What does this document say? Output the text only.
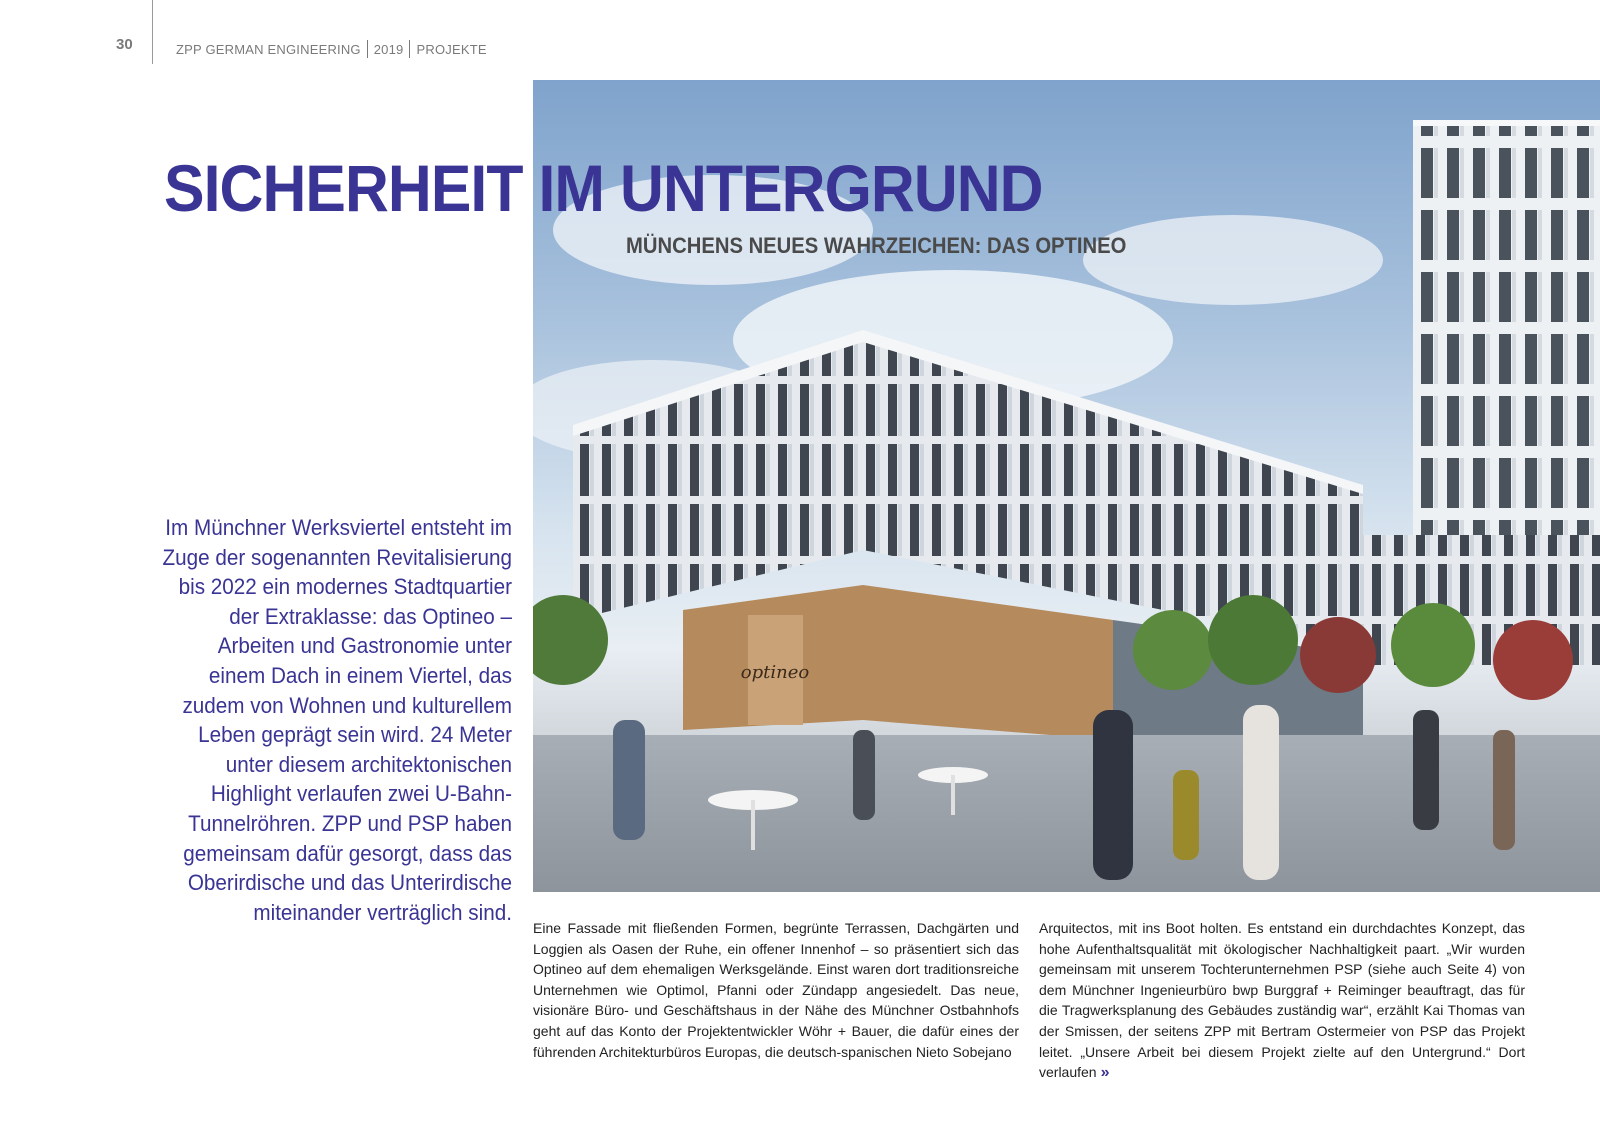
30	ZPP GERMAN ENGINEERING 2019 PROJEKTE
optineo
SICHERHEIT IM UNTERGRUND
MÜNCHENS NEUES WAHRZEICHEN: DAS OPTINEO
Im Münchner Werksviertel entsteht im Zuge der sogenannten Revitalisierung bis 2022 ein modernes Stadtquartier der Extraklasse: das Optineo – Arbeiten und Gastronomie unter einem Dach in einem Viertel, das zudem von Wohnen und kulturellem Leben geprägt sein wird. 24 Meter unter diesem architektonischen Highlight verlaufen zwei U-Bahn-Tunnelröhren. ZPP und PSP haben gemeinsam dafür gesorgt, dass das Oberirdische und das Unterirdische miteinander verträglich sind.
Eine Fassade mit fließenden Formen, begrünte Terrassen, Dachgärten und Loggien als Oasen der Ruhe, ein offener Innenhof – so präsentiert sich das Optineo auf dem ehemaligen Werksgelände. Einst waren dort traditionsreiche Unternehmen wie Optimol, Pfanni oder Zündapp angesiedelt. Das neue, visionäre Büro- und Geschäftshaus in der Nähe des Münchner Ostbahnhofs geht auf das Konto der Projektentwickler Wöhr + Bauer, die dafür eines der führenden Architekturbüros Europas, die deutsch-spanischen Nieto Sobejano
Arquitectos, mit ins Boot holten. Es entstand ein durchdachtes Konzept, das hohe Aufenthaltsqualität mit ökologischer Nachhaltigkeit paart. „Wir wurden gemeinsam mit unserem Tochterunternehmen PSP (siehe auch Seite 4) von dem Münchner Ingenieurbüro bwp Burggraf + Reiminger beauftragt, das für die Tragwerksplanung des Gebäudes zuständig war“, erzählt Kai Thomas van der Smissen, der seitens ZPP mit Bertram Ostermeier von PSP das Projekt leitet. „Unsere Arbeit bei diesem Projekt zielte auf den Untergrund.“ Dort verlaufen »
